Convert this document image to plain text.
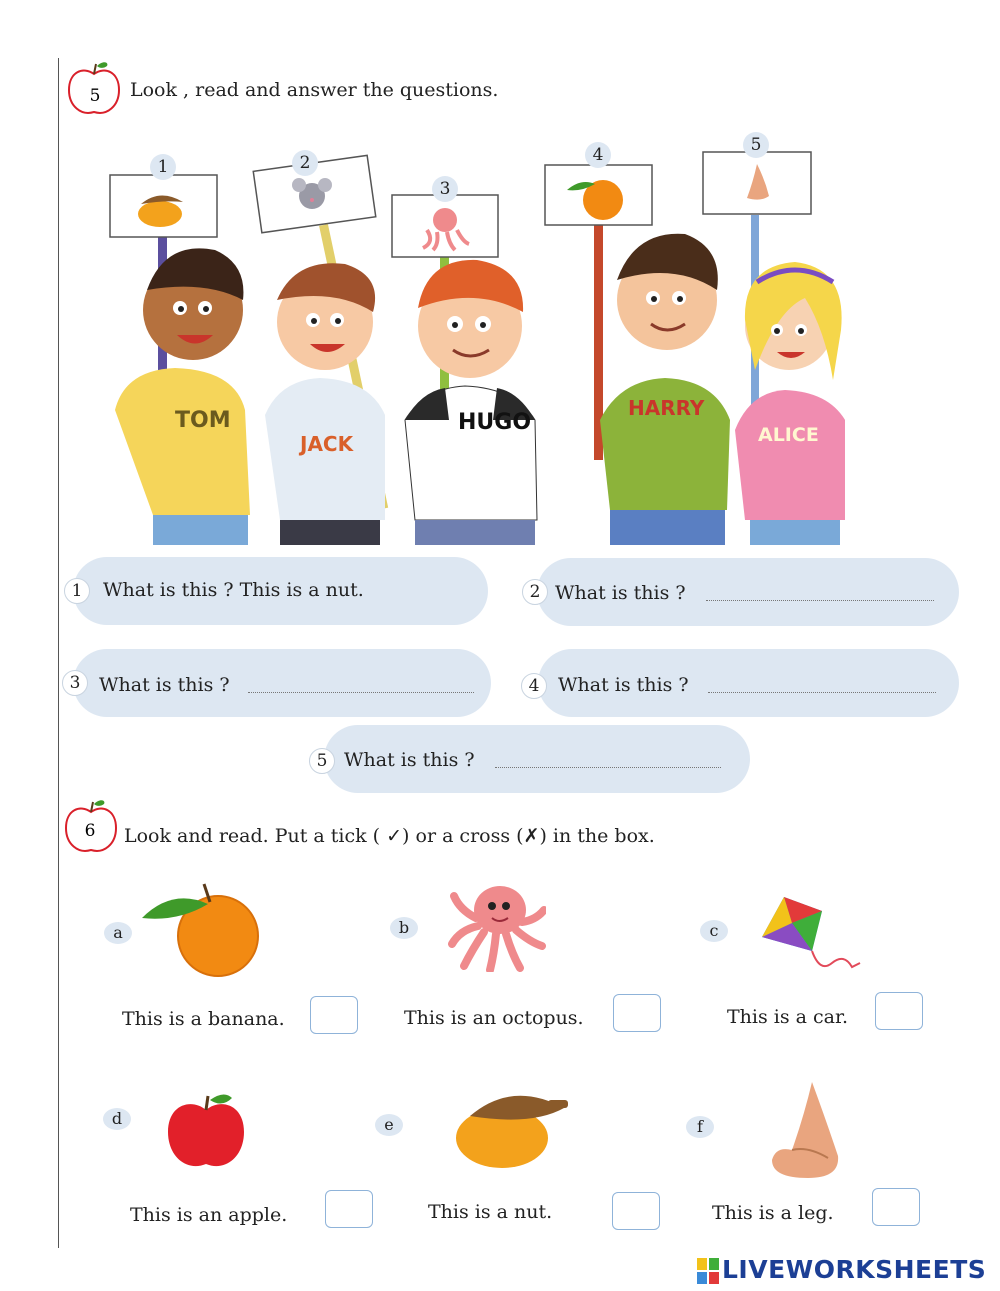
5 Look , read and answer the questions.
1	2
3
4	5
TOM
JACK
HUGO
HARRY
ALICE
1	What is this ? This is a nut.	2 What is this ?
3 What is this ?	4 What is this ?
5 What is this ?
6 Look and read. Put a tick ( ✓) or a cross (✗) in the box.
a
This is a banana.
b
This is an octopus.
c
This is a car.
d
This is an apple.
e
This is a nut.
f
This is a leg.
LIVEWORKSHEETS
